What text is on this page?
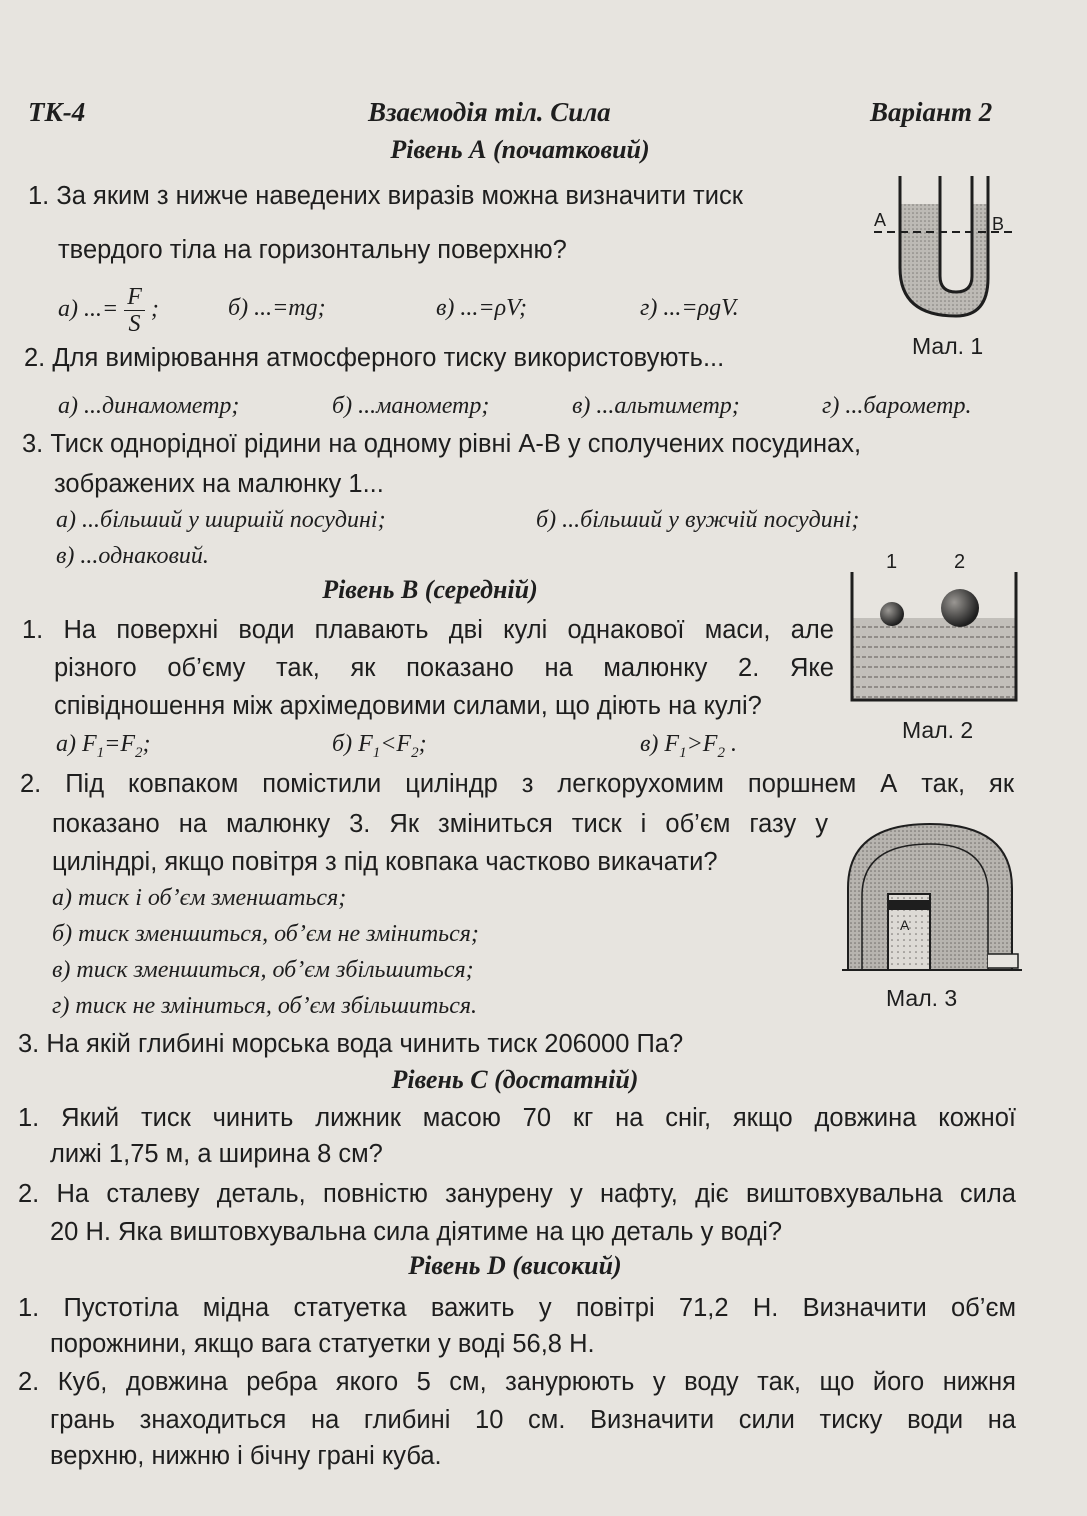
ТК-4	Взаємодія тіл. Сила	Варіант 2
Рівень А (початковий)
1. За яким з нижче наведених виразів можна визначити тиск
твердого тіла на горизонтальну поверхню?
а) ...= $\frac{F}{S}$ ;	б) ...=mg;	в) ...=ρV;	г) ...=ρgV.
2. Для вимірювання атмосферного тиску використовують...
а) ...динамометр;	б) ...манометр;	в) ...альтиметр;	г) ...барометр.
3. Тиск однорідної рідини на одному рівні А-В у сполучених посудинах,
зображених на малюнку 1...
а) ...більший у ширшій посудині;	б) ...більший у вужчій посудині;
в) ...однаковий.
А	В
Мал. 1
Рівень В (середній)
1. На поверхні води плавають дві кулі однакової маси, але
різного об’єму так, як показано на малюнку 2. Яке
співідношення між архімедовими силами, що діють на кулі?
а) $F_1=F_2$;	б) $F_1<F_2$;	в) $F_1>F_2$ .
1	2
Мал. 2
2. Під ковпаком помістили циліндр з легкорухомим поршнем А так, як
показано на малюнку 3. Як зміниться тиск і об’єм газу у
циліндрі, якщо повітря з під ковпака частково викачати?
а) тиск і об’єм зменшаться;
б) тиск зменшиться, об’єм не зміниться;
в) тиск зменшиться, об’єм збільшиться;
г) тиск не зміниться, об’єм збільшиться.
А
Мал. 3
3. На якій глибині морська вода чинить тиск 206000 Па?
Рівень С (достатній)
1. Який тиск чинить лижник масою 70 кг на сніг, якщо довжина кожної
лижі 1,75 м, а ширина 8 см?
2. На сталеву деталь, повністю занурену у нафту, діє виштовхувальна сила
20 Н. Яка виштовхувальна сила діятиме на цю деталь у воді?
Рівень D (високий)
1. Пустотіла мідна статуетка важить у повітрі 71,2 Н. Визначити об’єм
порожнини, якщо вага статуетки у воді 56,8 Н.
2. Куб, довжина ребра якого 5 см, занурюють у воду так, що його нижня
грань знаходиться на глибині 10 см. Визначити сили тиску води на
верхню, нижню і бічну грані куба.
